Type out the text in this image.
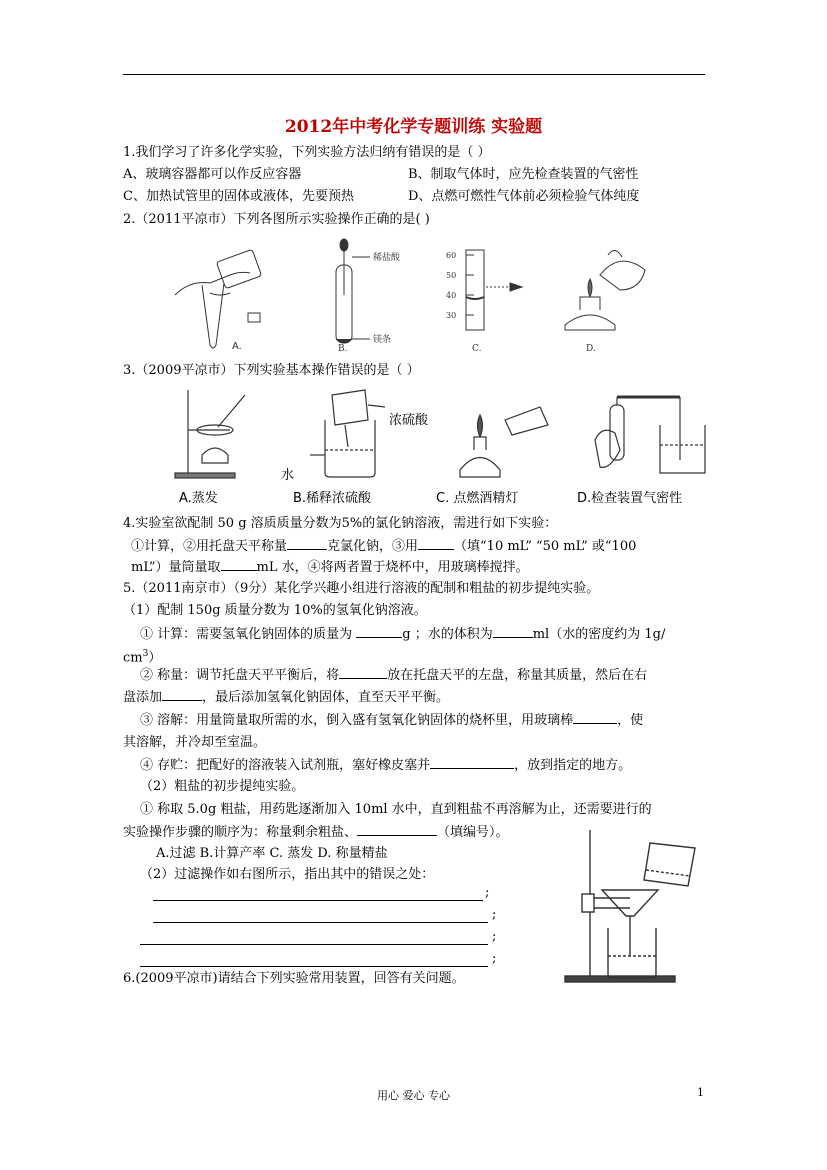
2012年中考化学专题训练 实验题
1.我们学习了许多化学实验，下列实验方法归纳有错误的是（ ）
A、玻璃容器都可以作反应容器	B、制取气体时，应先检查装置的气密性
C、加热试管里的固体或液体，先要预热	D、点燃可燃性气体前必须检验气体纯度
2.（2011平凉市）下列各图所示实验操作正确的是( )
A.
稀盐酸
镁条
B.
60
50
40
30
C.	D.
3.（2009平凉市）下列实验基本操作错误的是（ ）
浓硫酸
水
A.蒸发	B.稀释浓硫酸	C. 点燃酒精灯	D.检查装置气密性
4.实验室欲配制 50 g 溶质质量分数为5%的氯化钠溶液，需进行如下实验：
①计算，②用托盘天平称量	克氯化钠，③用	（填“10 mL” “50 mL” 或“100
mL”）量筒量取	mL 水，④将两者置于烧杯中，用玻璃棒搅拌。
5.（2011南京市）（9分）某化学兴趣小组进行溶液的配制和粗盐的初步提纯实验。
（1）配制 150g 质量分数为 10%的氢氧化钠溶液。
① 计算：需要氢氧化钠固体的质量为	g ；水的体积为	ml（水的密度约为 1g/
$cm^3$）
② 称量：调节托盘天平平衡后，将	放在托盘天平的左盘，称量其质量，然后在右
盘添加	，最后添加氢氧化钠固体，直至天平平衡。
③ 溶解：用量筒量取所需的水，倒入盛有氢氧化钠固体的烧杯里，用玻璃棒	，使
其溶解，并冷却至室温。
④ 存贮：把配好的溶液装入试剂瓶，塞好橡皮塞并	，放到指定的地方。
（2）粗盐的初步提纯实验。
① 称取 5.0g 粗盐，用药匙逐渐加入 10ml 水中，直到粗盐不再溶解为止，还需要进行的
实验操作步骤的顺序为：称量剩余粗盐、	（填编号）。
A.过滤 B.计算产率 C. 蒸发 D. 称量精盐
（2）过滤操作如右图所示，指出其中的错误之处：
;
;
;
;
6.(2009平凉市)请结合下列实验常用装置，回答有关问题。
用心 爱心 专心	1
